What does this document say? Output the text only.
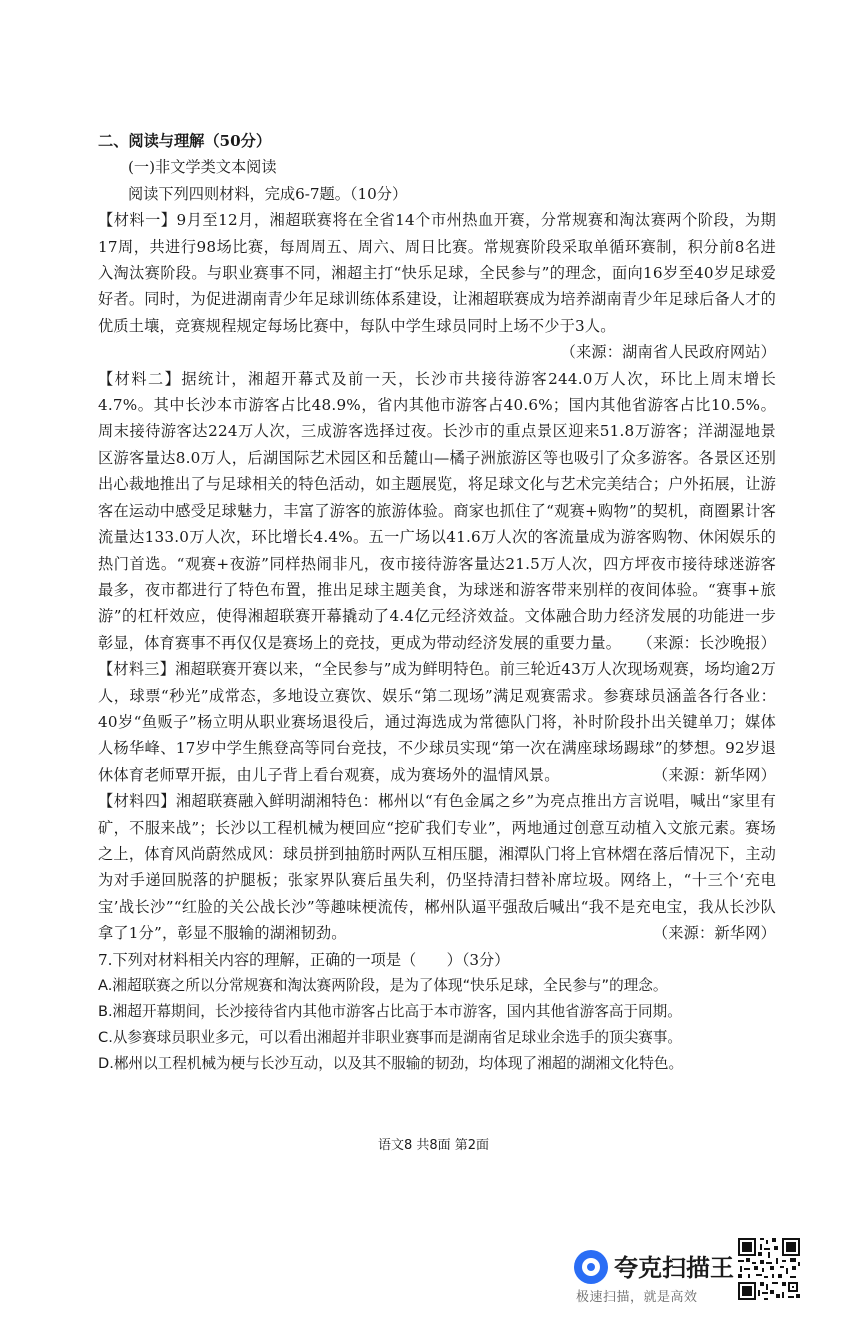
二、阅读与理解（50分）

(一)非文学类文本阅读

阅读下列四则材料，完成6-7题。（10分）

【材料一】9月至12月，湘超联赛将在全省14个市州热血开赛，分常规赛和淘汰赛两个阶段，为期17周，共进行98场比赛，每周周五、周六、周日比赛。常规赛阶段采取单循环赛制，积分前8名进入淘汰赛阶段。与职业赛事不同，湘超主打“快乐足球，全民参与”的理念，面向16岁至40岁足球爱好者。同时，为促进湖南青少年足球训练体系建设，让湘超联赛成为培养湖南青少年足球后备人才的优质土壤，竞赛规程规定每场比赛中，每队中学生球员同时上场不少于3人。
（来源：湖南省人民政府网站）

【材料二】据统计，湘超开幕式及前一天，长沙市共接待游客244.0万人次，环比上周末增长4.7%。其中长沙本市游客占比48.9%，省内其他市游客占40.6%；国内其他省游客占比10.5%。周末接待游客达224万人次，三成游客选择过夜。长沙市的重点景区迎来51.8万游客；洋湖湿地景区游客量达8.0万人，后湖国际艺术园区和岳麓山—橘子洲旅游区等也吸引了众多游客。各景区还别出心裁地推出了与足球相关的特色活动，如主题展览，将足球文化与艺术完美结合；户外拓展，让游客在运动中感受足球魅力，丰富了游客的旅游体验。商家也抓住了“观赛+购物”的契机，商圈累计客流量达133.0万人次，环比增长4.4%。五一广场以41.6万人次的客流量成为游客购物、休闲娱乐的热门首选。“观赛+夜游”同样热闹非凡，夜市接待游客量达21.5万人次，四方坪夜市接待球迷游客最多，夜市都进行了特色布置，推出足球主题美食，为球迷和游客带来别样的夜间体验。“赛事+旅游”的杠杆效应，使得湘超联赛开幕撬动了4.4亿元经济效益。文体融合助力经济发展的功能进一步彰显，体育赛事不再仅仅是赛场上的竞技，更成为带动经济发展的重要力量。	（来源：长沙晚报）

【材料三】湘超联赛开赛以来，“全民参与”成为鲜明特色。前三轮近43万人次现场观赛，场均逾2万人，球票“秒光”成常态，多地设立赛饮、娱乐“第二现场”满足观赛需求。参赛球员涵盖各行各业：40岁“鱼贩子”杨立明从职业赛场退役后，通过海选成为常德队门将，补时阶段扑出关键单刀；媒体人杨华峰、17岁中学生熊登高等同台竞技，不少球员实现“第一次在满座球场踢球”的梦想。92岁退休体育老师覃开振，由儿子背上看台观赛，成为赛场外的温情风景。	（来源：新华网）

【材料四】湘超联赛融入鲜明湖湘特色：郴州以“有色金属之乡”为亮点推出方言说唱，喊出“家里有矿，不服来战”；长沙以工程机械为梗回应“挖矿我们专业”，两地通过创意互动植入文旅元素。赛场之上，体育风尚蔚然成风：球员拼到抽筋时两队互相压腿，湘潭队门将上官林熠在落后情况下，主动为对手递回脱落的护腿板；张家界队赛后虽失利，仍坚持清扫替补席垃圾。网络上，“十三个‘充电宝’战长沙”“红脸的关公战长沙”等趣味梗流传，郴州队逼平强敌后喊出“我不是充电宝，我从长沙队拿了1分”，彰显不服输的湖湘韧劲。	（来源：新华网）

7.下列对材料相关内容的理解，正确的一项是（　　）（3分）

A.湘超联赛之所以分常规赛和淘汰赛两阶段，是为了体现“快乐足球，全民参与”的理念。

B.湘超开幕期间，长沙接待省内其他市游客占比高于本市游客，国内其他省游客高于同期。

C.从参赛球员职业多元，可以看出湘超并非职业赛事而是湖南省足球业余选手的顶尖赛事。

D.郴州以工程机械为梗与长沙互动，以及其不服输的韧劲，均体现了湘超的湖湘文化特色。

语文8 共8面 第2面
夸克扫描王
极速扫描，就是高效
